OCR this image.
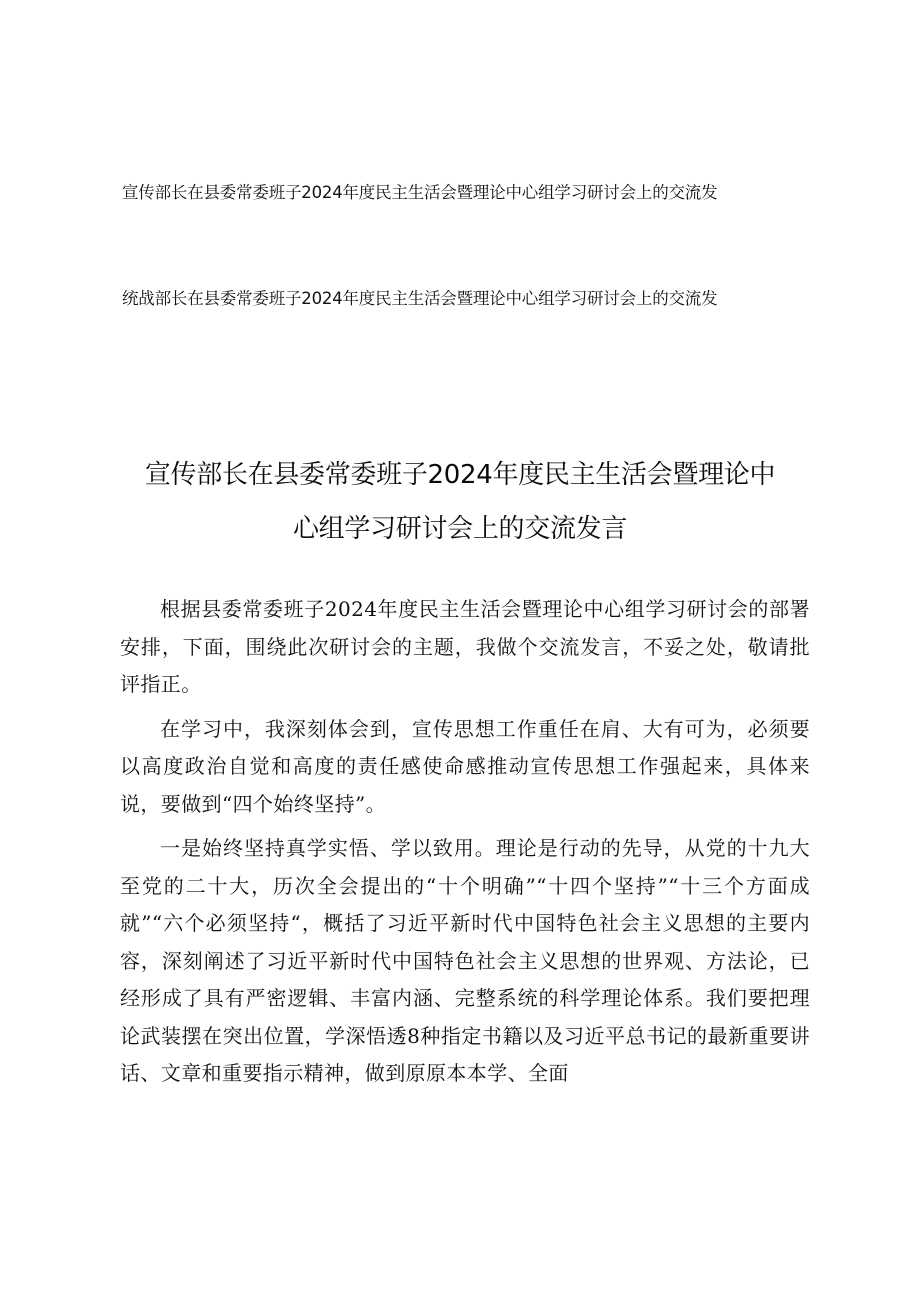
宣传部长在县委常委班子2024年度民主生活会暨理论中心组学习研讨会上的交流发
统战部长在县委常委班子2024年度民主生活会暨理论中心组学习研讨会上的交流发
宣传部长在县委常委班子2024年度民主生活会暨理论中
心组学习研讨会上的交流发言

根据县委常委班子2024年度民主生活会暨理论中心组学习研讨会的部署安排，下面，围绕此次研讨会的主题，我做个交流发言，不妥之处，敬请批评指正。

在学习中，我深刻体会到，宣传思想工作重任在肩、大有可为，必须要以高度政治自觉和高度的责任感使命感推动宣传思想工作强起来，具体来说，要做到“四个始终坚持”。

一是始终坚持真学实悟、学以致用。理论是行动的先导，从党的十九大至党的二十大，历次全会提出的“十个明确”“十四个坚持”“十三个方面成就”“六个必须坚持“，概括了习近平新时代中国特色社会主义思想的主要内容，深刻阐述了习近平新时代中国特色社会主义思想的世界观、方法论，已经形成了具有严密逻辑、丰富内涵、完整系统的科学理论体系。我们要把理论武装摆在突出位置，学深悟透8种指定书籍以及习近平总书记的最新重要讲话、文章和重要指示精神，做到原原本本学、全面
